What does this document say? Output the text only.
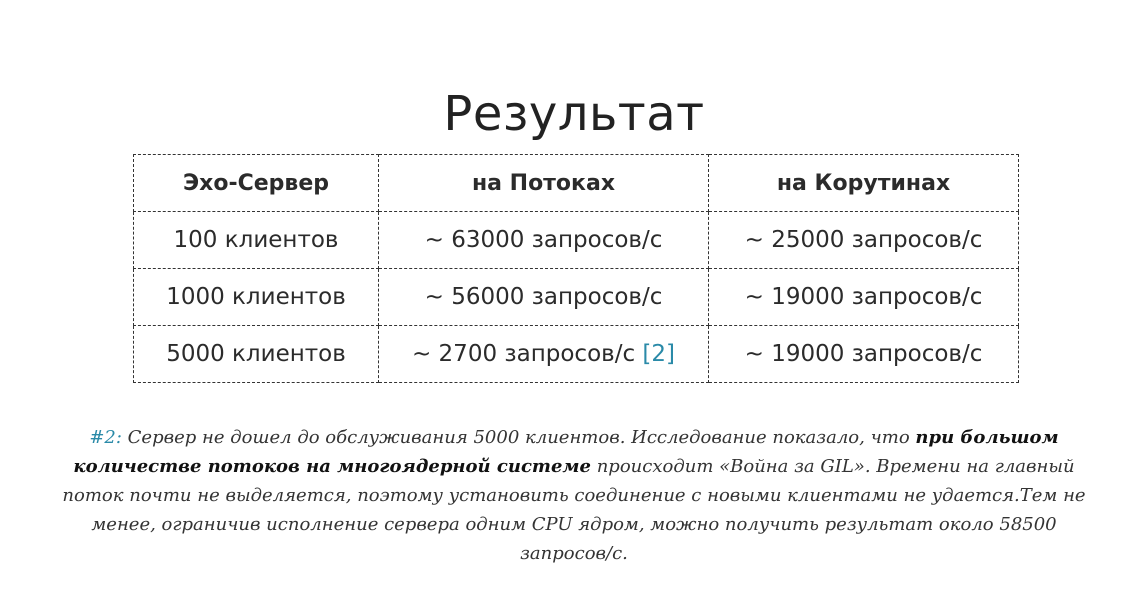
Результат
Эхо-Сервер	на Потоках	на Корутинах
100 клиентов	~ 63000 запросов/с	~ 25000 запросов/с
1000 клиентов	~ 56000 запросов/с	~ 19000 запросов/с
5000 клиентов	~ 2700 запросов/с [2]	~ 19000 запросов/с

#2: Сервер не дошел до обслуживания 5000 клиентов. Исследование показало, что при большом количестве потоков на многоядерной системе происходит «Война за GIL». Времени на главный поток почти не выделяется, поэтому установить соединение с новыми клиентами не удается.Тем не менее, ограничив исполнение сервера одним CPU ядром, можно получить результат около 58500 запросов/с.
